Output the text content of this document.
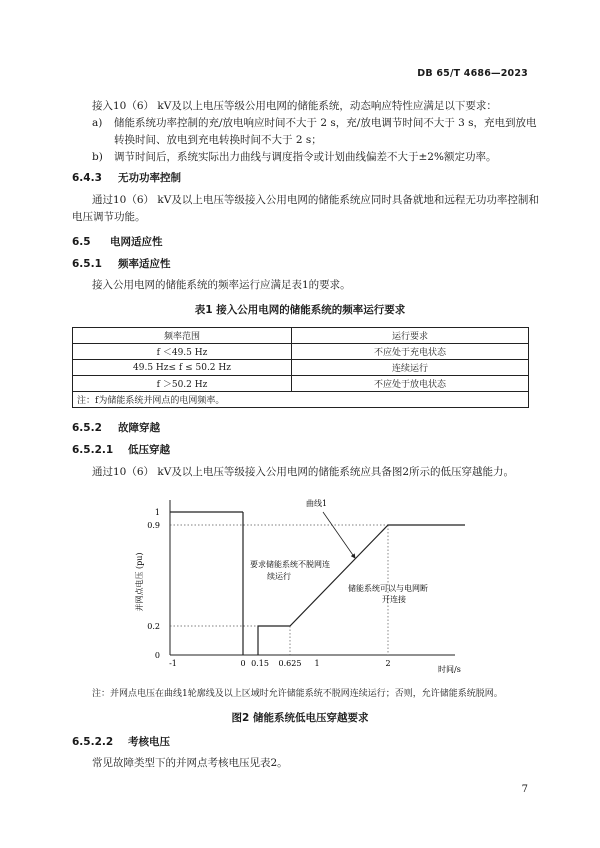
DB 65/T 4686—2023
接入10（6） kV及以上电压等级公用电网的储能系统，动态响应特性应满足以下要求：
a) 储能系统功率控制的充/放电响应时间不大于 2 s，充/放电调节时间不大于 3 s，充电到放电
转换时间、放电到充电转换时间不大于 2 s；
b) 调节时间后，系统实际出力曲线与调度指令或计划曲线偏差不大于±2%额定功率。
6.4.3 无功功率控制
通过10（6） kV及以上电压等级接入公用电网的储能系统应同时具备就地和远程无功功率控制和
电压调节功能。
6.5 电网适应性
6.5.1 频率适应性
接入公用电网的储能系统的频率运行应满足表1的要求。
表1 接入公用电网的储能系统的频率运行要求
频率范围	运行要求
f ＜49.5 Hz	不应处于充电状态
49.5 Hz≤ f ≤ 50.2 Hz	连续运行
f ＞50.2 Hz	不应处于放电状态
注：f为储能系统并网点的电网频率。	
6.5.2 故障穿越
6.5.2.1 低压穿越
通过10（6） kV及以上电压等级接入公用电网的储能系统应具备图2所示的低压穿越能力。
曲线1
要求储能系统不脱网连
续运行
储能系统可以与电网断
开连接
1
0.9
0.2
0
-1	0 0.15 0.625 1	2
时间/s
并网点电压 (pu)
注：并网点电压在曲线1轮廓线及以上区域时允许储能系统不脱网连续运行；否则，允许储能系统脱网。
图2 储能系统低电压穿越要求
6.5.2.2 考核电压
常见故障类型下的并网点考核电压见表2。
7
